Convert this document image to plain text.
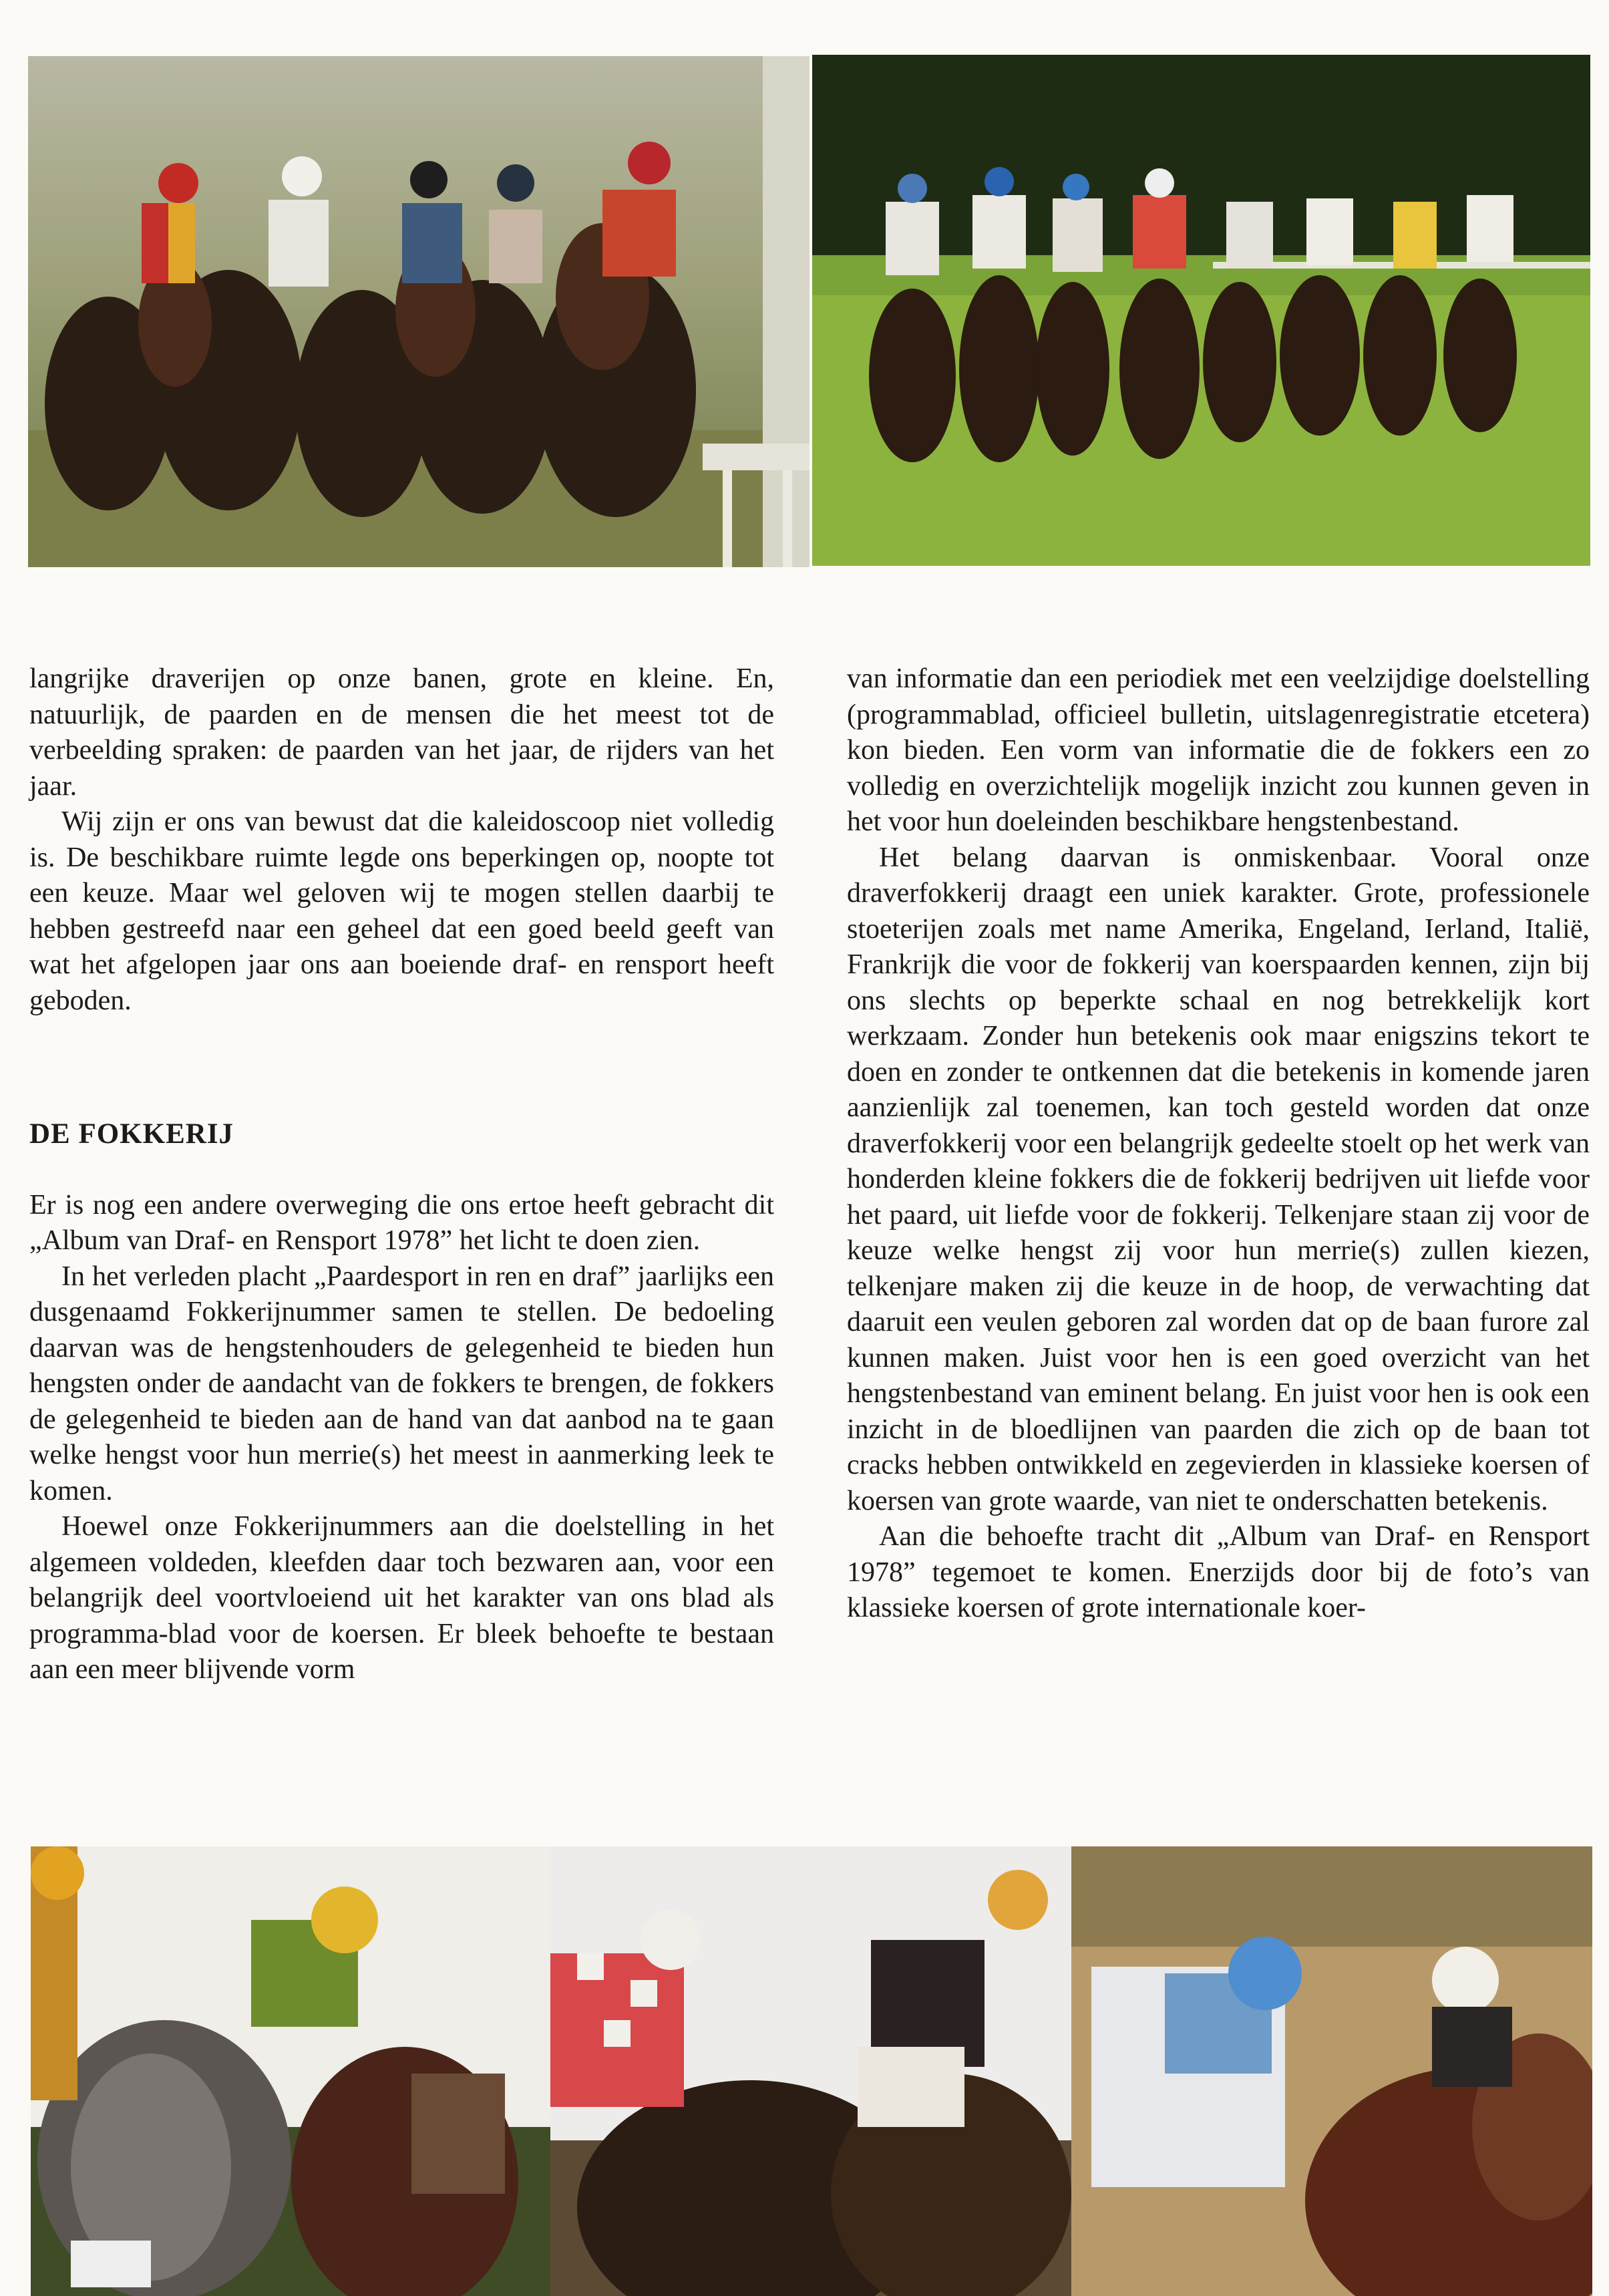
langrijke draverijen op onze banen, grote en kleine. En, natuurlijk, de paarden en de mensen die het meest tot de verbeelding spraken: de paarden van het jaar, de rijders van het jaar.

Wij zijn er ons van bewust dat die kaleidoscoop niet volledig is. De beschikbare ruimte legde ons beperkingen op, noopte tot een keuze. Maar wel geloven wij te mogen stellen daarbij te hebben gestreefd naar een geheel dat een goed beeld geeft van wat het afgelopen jaar ons aan boeiende draf- en rensport heeft geboden.

DE FOKKERIJ

Er is nog een andere overweging die ons ertoe heeft gebracht dit „Album van Draf- en Rensport 1978” het licht te doen zien.

In het verleden placht „Paardesport in ren en draf” jaarlijks een dusgenaamd Fokkerijnummer samen te stellen. De bedoeling daarvan was de hengstenhouders de gelegenheid te bieden hun hengsten onder de aandacht van de fokkers te brengen, de fokkers de gelegenheid te bieden aan de hand van dat aanbod na te gaan welke hengst voor hun merrie(s) het meest in aanmerking leek te komen.

Hoewel onze Fokkerijnummers aan die doelstelling in het algemeen voldeden, kleefden daar toch bezwaren aan, voor een belangrijk deel voortvloeiend uit het karakter van ons blad als programma-blad voor de koersen. Er bleek behoefte te bestaan aan een meer blijvende vorm

van informatie dan een periodiek met een veelzijdige doelstelling (programmablad, officieel bulletin, uitslagenregistratie etcetera) kon bieden. Een vorm van informatie die de fokkers een zo volledig en overzichtelijk mogelijk inzicht zou kunnen geven in het voor hun doeleinden beschikbare hengstenbestand.

Het belang daarvan is onmiskenbaar. Vooral onze draverfokkerij draagt een uniek karakter. Grote, professionele stoeterijen zoals met name Amerika, Engeland, Ierland, Italië, Frankrijk die voor de fokkerij van koerspaarden kennen, zijn bij ons slechts op beperkte schaal en nog betrekkelijk kort werkzaam. Zonder hun betekenis ook maar enigszins tekort te doen en zonder te ontkennen dat die betekenis in komende jaren aanzienlijk zal toenemen, kan toch gesteld worden dat onze draverfokkerij voor een belangrijk gedeelte stoelt op het werk van honderden kleine fokkers die de fokkerij bedrijven uit liefde voor het paard, uit liefde voor de fokkerij. Telkenjare staan zij voor de keuze welke hengst zij voor hun merrie(s) zullen kiezen, telkenjare maken zij die keuze in de hoop, de verwachting dat daaruit een veulen geboren zal worden dat op de baan furore zal kunnen maken. Juist voor hen is een goed overzicht van het hengstenbestand van eminent belang. En juist voor hen is ook een inzicht in de bloedlijnen van paarden die zich op de baan tot cracks hebben ontwikkeld en zegevierden in klassieke koersen of koersen van grote waarde, van niet te onderschatten betekenis.

Aan die behoefte tracht dit „Album van Draf- en Rensport 1978” tegemoet te komen. Enerzijds door bij de foto’s van klassieke koersen of grote internationale koer-
